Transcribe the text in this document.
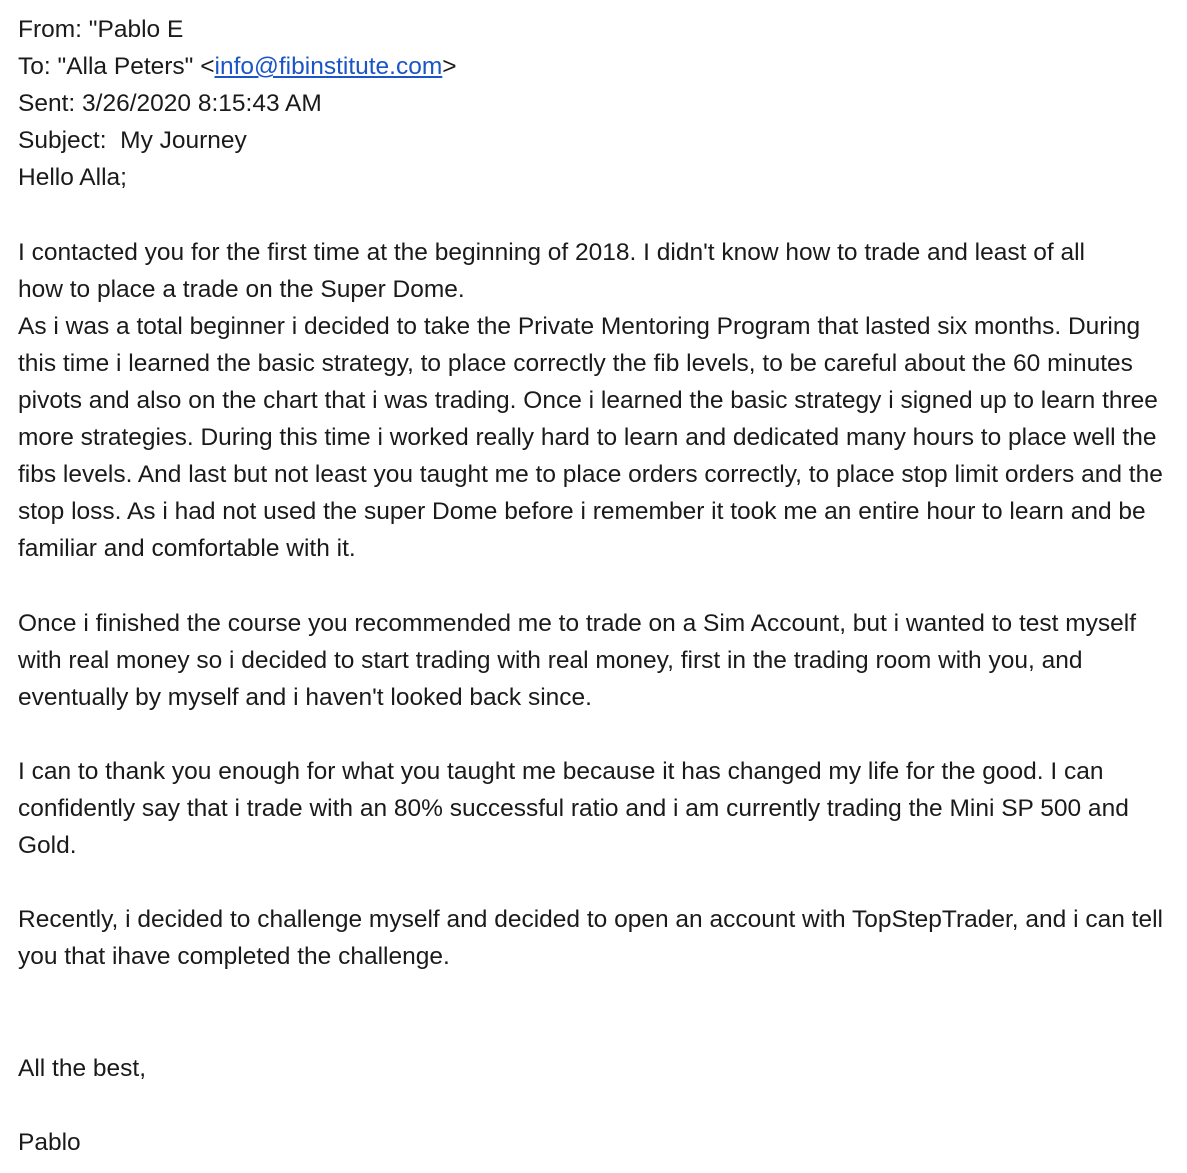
From: "Pablo E
To: "Alla Peters" <info@fibinstitute.com>
Sent: 3/26/2020 8:15:43 AM
Subject: My Journey
Hello Alla;
I contacted you for the first time at the beginning of 2018. I didn't know how to trade and least of all
how to place a trade on the Super Dome.
As i was a total beginner i decided to take the Private Mentoring Program that lasted six months. During this time i learned the basic strategy, to place correctly the fib levels, to be careful about the 60 minutes pivots and also on the chart that i was trading. Once i learned the basic strategy i signed up to learn three more strategies. During this time i worked really hard to learn and dedicated many hours to place well the fibs levels. And last but not least you taught me to place orders correctly, to place stop limit orders and the stop loss. As i had not used the super Dome before i remember it took me an entire hour to learn and be familiar and comfortable with it.
Once i finished the course you recommended me to trade on a Sim Account, but i wanted to test myself with real money so i decided to start trading with real money, first in the trading room with you, and eventually by myself and i haven't looked back since.
I can to thank you enough for what you taught me because it has changed my life for the good. I can confidently say that i trade with an 80% successful ratio and i am currently trading the Mini SP 500 and Gold.
Recently, i decided to challenge myself and decided to open an account with TopStepTrader, and i can tell you that ihave completed the challenge.
All the best,
Pablo
